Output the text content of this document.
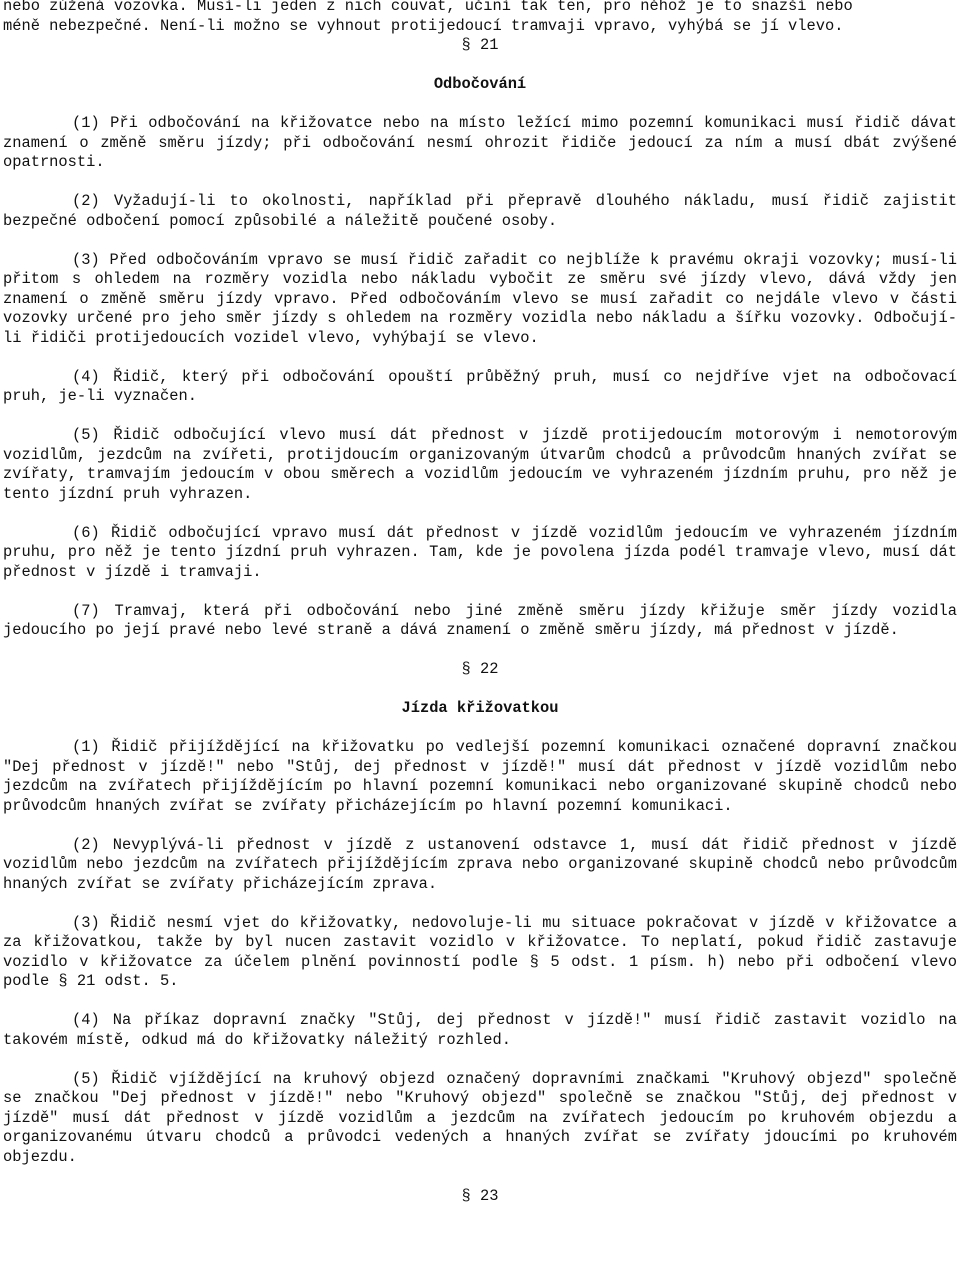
nebo zúžená vozovka. Musí-li jeden z nich couvat, učiní tak ten, pro něhož je to snazší nebo

méně nebezpečné. Není-li možno se vyhnout protijedoucí tramvaji vpravo, vyhýbá se jí vlevo.

§ 21

Odbočování

(1) Při odbočování na křižovatce nebo na místo ležící mimo pozemní komunikaci musí řidič dávat znamení o změně směru jízdy; při odbočování nesmí ohrozit řidiče jedoucí za ním a musí dbát zvýšené opatrnosti.

(2) Vyžadují-li to okolnosti, například při přepravě dlouhého nákladu, musí řidič zajistit bezpečné odbočení pomocí způsobilé a náležitě poučené osoby.

(3) Před odbočováním vpravo se musí řidič zařadit co nejblíže k pravému okraji vozovky; musí-li přitom s ohledem na rozměry vozidla nebo nákladu vybočit ze směru své jízdy vlevo, dává vždy jen znamení o změně směru jízdy vpravo. Před odbočováním vlevo se musí zařadit co nejdále vlevo v části vozovky určené pro jeho směr jízdy s ohledem na rozměry vozidla nebo nákladu a šířku vozovky. Odbočují-li řidiči protijedoucích vozidel vlevo, vyhýbají se vlevo.

(4) Řidič, který při odbočování opouští průběžný pruh, musí co nejdříve vjet na odbočovací pruh, je-li vyznačen.

(5) Řidič odbočující vlevo musí dát přednost v jízdě protijedoucím motorovým i nemotorovým vozidlům, jezdcům na zvířeti, protijdoucím organizovaným útvarům chodců a průvodcům hnaných zvířat se zvířaty, tramvajím jedoucím v obou směrech a vozidlům jedoucím ve vyhrazeném jízdním pruhu, pro něž je tento jízdní pruh vyhrazen.

(6) Řidič odbočující vpravo musí dát přednost v jízdě vozidlům jedoucím ve vyhrazeném jízdním pruhu, pro něž je tento jízdní pruh vyhrazen. Tam, kde je povolena jízda podél tramvaje vlevo, musí dát přednost v jízdě i tramvaji.

(7) Tramvaj, která při odbočování nebo jiné změně směru jízdy křižuje směr jízdy vozidla jedoucího po její pravé nebo levé straně a dává znamení o změně směru jízdy, má přednost v jízdě.

§ 22

Jízda křižovatkou

(1) Řidič přijíždějící na křižovatku po vedlejší pozemní komunikaci označené dopravní značkou "Dej přednost v jízdě!" nebo "Stůj, dej přednost v jízdě!" musí dát přednost v jízdě vozidlům nebo jezdcům na zvířatech přijíždějícím po hlavní pozemní komunikaci nebo organizované skupině chodců nebo průvodcům hnaných zvířat se zvířaty přicházejícím po hlavní pozemní komunikaci.

(2) Nevyplývá-li přednost v jízdě z ustanovení odstavce 1, musí dát řidič přednost v jízdě vozidlům nebo jezdcům na zvířatech přijíždějícím zprava nebo organizované skupině chodců nebo průvodcům hnaných zvířat se zvířaty přicházejícím zprava.

(3) Řidič nesmí vjet do křižovatky, nedovoluje-li mu situace pokračovat v jízdě v křižovatce a za křižovatkou, takže by byl nucen zastavit vozidlo v křižovatce. To neplatí, pokud řidič zastavuje vozidlo v křižovatce za účelem plnění povinností podle § 5 odst. 1 písm. h) nebo při odbočení vlevo podle § 21 odst. 5.

(4) Na příkaz dopravní značky "Stůj, dej přednost v jízdě!" musí řidič zastavit vozidlo na takovém místě, odkud má do křižovatky náležitý rozhled.

(5) Řidič vjíždějící na kruhový objezd označený dopravními značkami "Kruhový objezd" společně se značkou "Dej přednost v jízdě!" nebo "Kruhový objezd" společně se značkou "Stůj, dej přednost v jízdě" musí dát přednost v jízdě vozidlům a jezdcům na zvířatech jedoucím po kruhovém objezdu a organizovanému útvaru chodců a průvodci vedených a hnaných zvířat se zvířaty jdoucími po kruhovém objezdu.

§ 23
